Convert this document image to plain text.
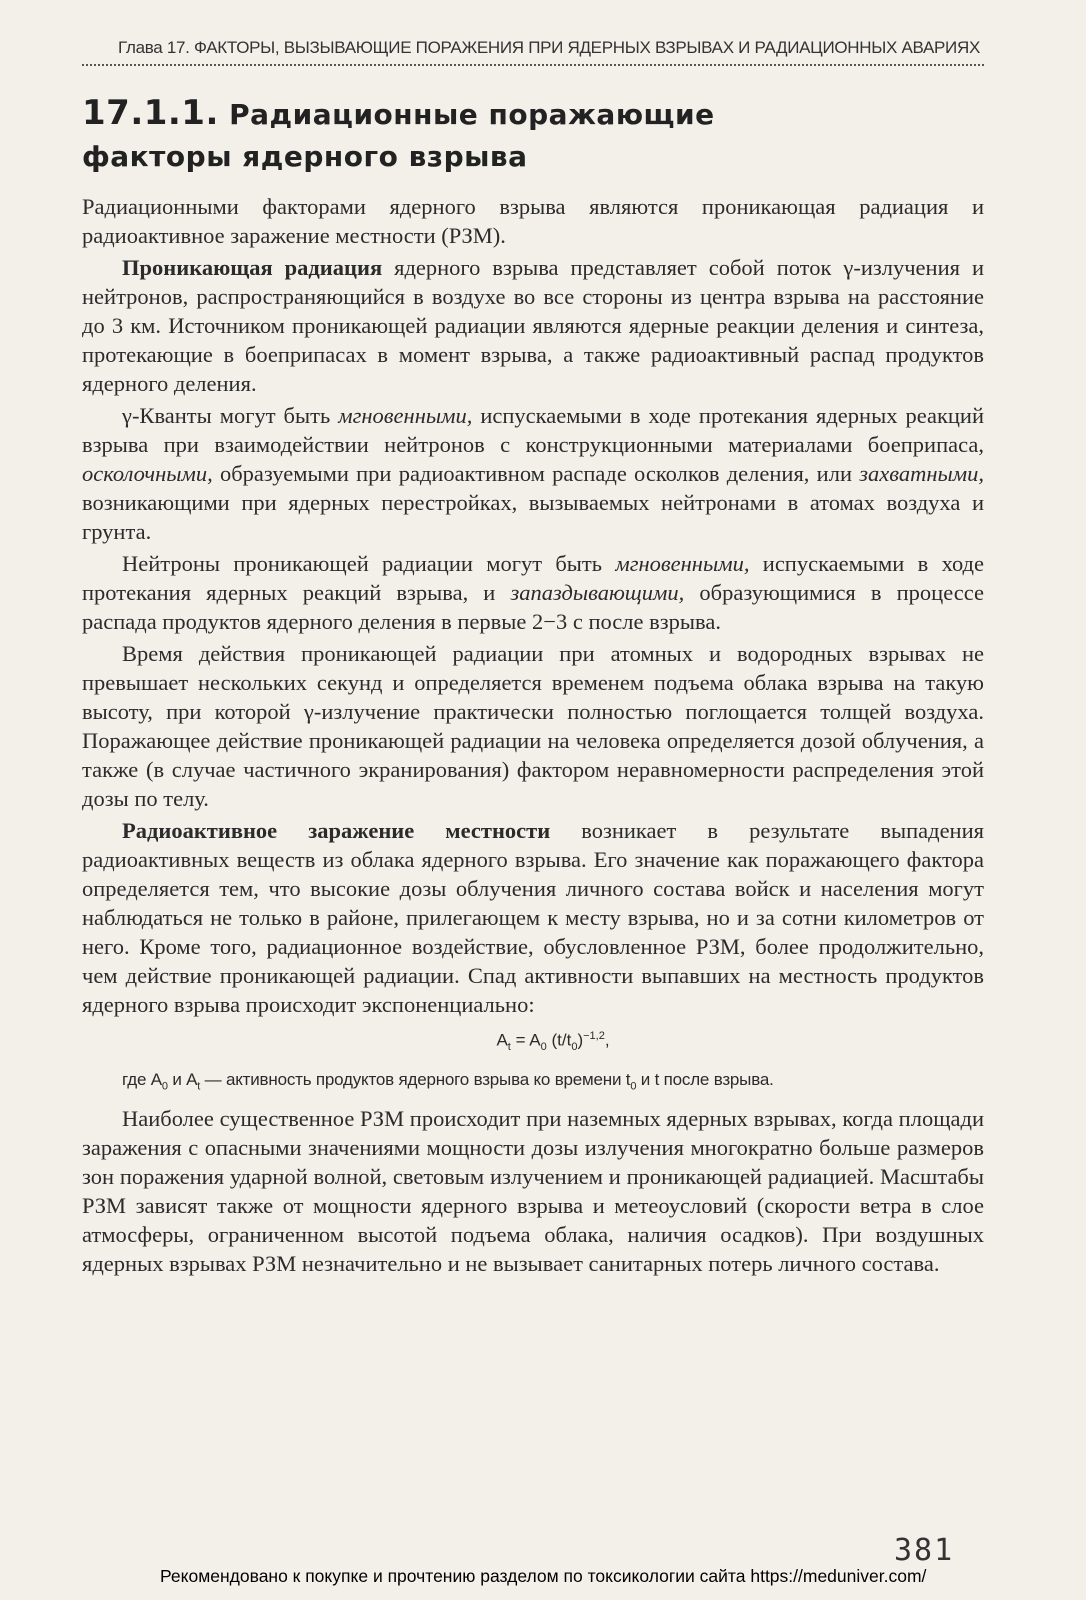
Глава 17. ФАКТОРЫ, ВЫЗЫВАЮЩИЕ ПОРАЖЕНИЯ ПРИ ЯДЕРНЫХ ВЗРЫВАХ И РАДИАЦИОННЫХ АВАРИЯХ
17.1.1. Радиационные поражающие
факторы ядерного взрыва

Радиационными факторами ядерного взрыва являются проникающая радиация и радиоактивное заражение местности (РЗМ).

Проникающая радиация ядерного взрыва представляет собой поток γ-излучения и нейтронов, распространяющийся в воздухе во все стороны из центра взрыва на расстояние до 3 км. Источником проникающей радиации являются ядерные реакции деления и синтеза, протекающие в боеприпасах в момент взрыва, а также радиоактивный распад продуктов ядерного деления.

γ-Кванты могут быть мгновенными, испускаемыми в ходе протекания ядерных реакций взрыва при взаимодействии нейтронов с конструкционными материалами боеприпаса, осколочными, образуемыми при радиоактивном распаде осколков деления, или захватными, возникающими при ядерных перестройках, вызываемых нейтронами в атомах воздуха и грунта.

Нейтроны проникающей радиации могут быть мгновенными, испускаемыми в ходе протекания ядерных реакций взрыва, и запаздывающими, образующимися в процессе распада продуктов ядерного деления в первые 2−3 с после взрыва.

Время действия проникающей радиации при атомных и водородных взрывах не превышает нескольких секунд и определяется временем подъема облака взрыва на такую высоту, при которой γ-излучение практически полностью поглощается толщей воздуха. Поражающее действие проникающей радиации на человека определяется дозой облучения, а также (в случае частичного экранирования) фактором неравномерности распределения этой дозы по телу.

Радиоактивное заражение местности возникает в результате выпадения радиоактивных веществ из облака ядерного взрыва. Его значение как поражающего фактора определяется тем, что высокие дозы облучения личного состава войск и населения могут наблюдаться не только в районе, прилегающем к месту взрыва, но и за сотни километров от него. Кроме того, радиационное воздействие, обусловленное РЗМ, более продолжительно, чем действие проникающей радиации. Спад активности выпавших на местность продуктов ядерного взрыва происходит экспоненциально:

$A_t = A_0$ $(t/t_0)^{-1,2}$,

где $A_0$ и $A_t$ — активность продуктов ядерного взрыва ко времени $t_0$ и t после взрыва.

Наиболее существенное РЗМ происходит при наземных ядерных взрывах, когда площади заражения с опасными значениями мощности дозы излучения многократно больше размеров зон поражения ударной волной, световым излучением и проникающей радиацией. Масштабы РЗМ зависят также от мощности ядерного взрыва и метеоусловий (скорости ветра в слое атмосферы, ограниченном высотой подъема облака, наличия осадков). При воздушных ядерных взрывах РЗМ незначительно и не вызывает санитарных потерь личного состава.

381
Рекомендовано к покупке и прочтению разделом по токсикологии сайта https://meduniver.com/
